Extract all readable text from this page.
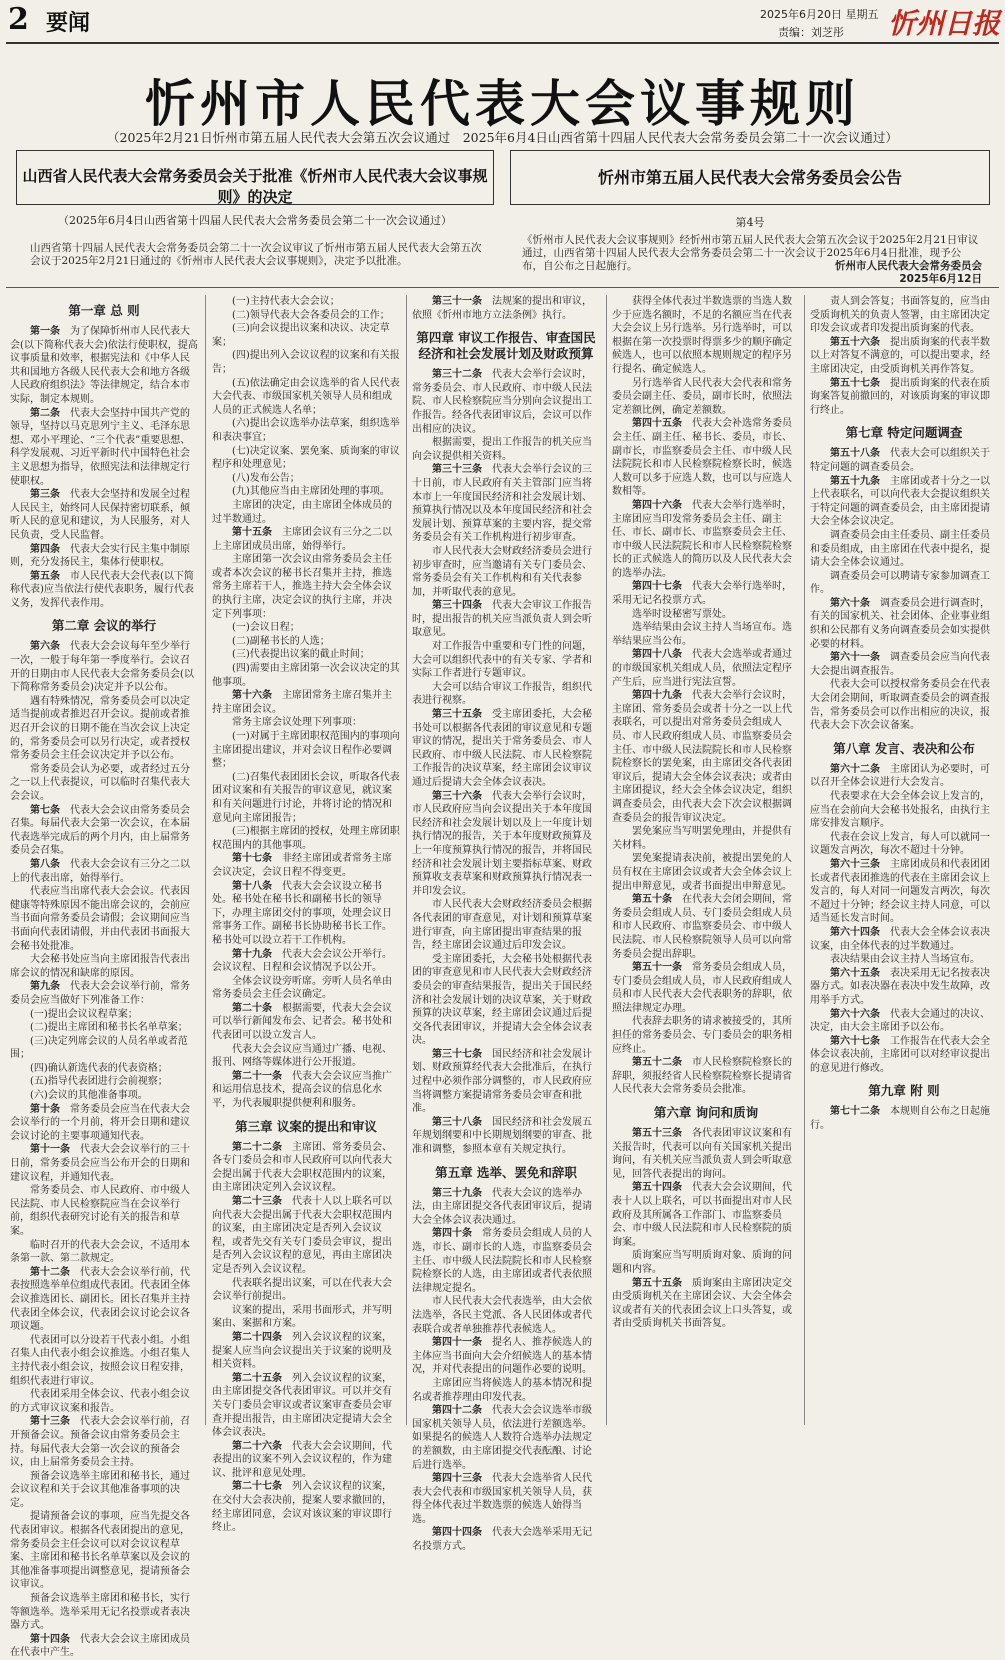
2 要闻	2025年6月20日 星期五
责编：刘芝彤 忻州日报
忻州市人民代表大会议事规则
（2025年2月21日忻州市第五届人民代表大会第五次会议通过　2025年6月4日山西省第十四届人民代表大会常务委员会第二十一次会议通过）
山西省人民代表大会常务委员会关于批准《忻州市人民代表大会议事规则》的决定
（2025年6月4日山西省第十四届人民代表大会常务委员会第二十一次会议通过）
山西省第十四届人民代表大会常务委员会第二十一次会议审议了忻州市第五届人民代表大会第五次会议于2025年2月21日通过的《忻州市人民代表大会议事规则》，决定予以批准。
忻州市第五届人民代表大会常务委员会公告
第4号
《忻州市人民代表大会议事规则》经忻州市第五届人民代表大会第五次会议于2025年2月21日审议通过，山西省第十四届人民代表大会常务委员会第二十一次会议于2025年6月4日批准，现予公布，自公布之日起施行。	忻州市人民代表大会常务委员会
2025年6月12日
第一章 总 则

第一条　 为了保障忻州市人民代表大会(以下简称代表大会)依法行使职权，提高议事质量和效率，根据宪法和《中华人民共和国地方各级人民代表大会和地方各级人民政府组织法》等法律规定，结合本市实际，制定本规则。

第二条　 代表大会坚持中国共产党的领导，坚持以马克思列宁主义、毛泽东思想、邓小平理论、“三个代表”重要思想、科学发展观、习近平新时代中国特色社会主义思想为指导，依照宪法和法律规定行使职权。

第三条　 代表大会坚持和发展全过程人民民主，始终同人民保持密切联系，倾听人民的意见和建议，为人民服务，对人民负责，受人民监督。

第四条　 代表大会实行民主集中制原则，充分发扬民主，集体行使职权。

第五条　 市人民代表大会代表(以下简称代表)应当依法行使代表职务，履行代表义务，发挥代表作用。

第二章 会议的举行

第六条　 代表大会会议每年至少举行一次，一般于每年第一季度举行。会议召开的日期由市人民代表大会常务委员会(以下简称常务委员会)决定并予以公布。

遇有特殊情况，常务委员会可以决定适当提前或者推迟召开会议。提前或者推迟召开会议的日期不能在当次会议上决定的，常务委员会可以另行决定，或者授权常务委员会主任会议决定并予以公布。

常务委员会认为必要，或者经过五分之一以上代表提议，可以临时召集代表大会会议。

第七条　 代表大会会议由常务委员会召集。每届代表大会第一次会议，在本届代表选举完成后的两个月内，由上届常务委员会召集。

第八条　 代表大会会议有三分之二以上的代表出席，始得举行。

代表应当出席代表大会会议。代表因健康等特殊原因不能出席会议的，会前应当书面向常务委员会请假；会议期间应当书面向代表团请假，并由代表团书面报大会秘书处批准。

大会秘书处应当向主席团报告代表出席会议的情况和缺席的原因。

第九条　 代表大会会议举行前，常务委员会应当做好下列准备工作：

(一)提出会议议程草案；

(二)提出主席团和秘书长名单草案；

(三)决定列席会议的人员名单或者范围；

(四)确认新选代表的代表资格；

(五)指导代表团进行会前视察；

(六)会议的其他准备事项。

第十条　 常务委员会应当在代表大会会议举行的一个月前，将开会日期和建议会议讨论的主要事项通知代表。

第十一条　 代表大会会议举行的三十日前，常务委员会应当公布开会的日期和建议议程，并通知代表。

常务委员会、市人民政府、市中级人民法院、市人民检察院应当在会议举行前，组织代表研究讨论有关的报告和草案。

临时召开的代表大会会议，不适用本条第一款、第二款规定。

第十二条　 代表大会会议举行前，代表按照选举单位组成代表团。代表团全体会议推选团长、副团长。团长召集并主持代表团全体会议，代表团会议讨论会议各项议题。

代表团可以分设若干代表小组。小组召集人由代表小组会议推选。小组召集人主持代表小组会议，按照会议日程安排，组织代表进行审议。

代表团采用全体会议、代表小组会议的方式审议议案和报告。

第十三条　 代表大会会议举行前，召开预备会议。预备会议由常务委员会主持。每届代表大会第一次会议的预备会议，由上届常务委员会主持。

预备会议选举主席团和秘书长，通过会议议程和关于会议其他准备事项的决定。

提请预备会议的事项，应当先提交各代表团审议。根据各代表团提出的意见，常务委员会主任会议可以对会议议程草案、主席团和秘书长名单草案以及会议的其他准备事项提出调整意见，提请预备会议审议。

预备会议选举主席团和秘书长，实行等额选举。选举采用无记名投票或者表决器方式。

第十四条　 代表大会会议主席团成员在代表中产生。

(一)主持代表大会会议；

(二)领导代表大会各委员会的工作；

(三)向会议提出议案和决议、决定草案；

(四)提出列入会议议程的议案和有关报告；

(五)依法确定由会议选举的省人民代表大会代表、市级国家机关领导人员和组成人员的正式候选人名单；

(六)提出会议选举办法草案，组织选举和表决事宜；

(七)决定议案、罢免案、质询案的审议程序和处理意见；

(八)发布公告；

(九)其他应当由主席团处理的事项。

主席团的决定，由主席团全体成员的过半数通过。

第十五条　 主席团会议有三分之二以上主席团成员出席，始得举行。

主席团第一次会议由常务委员会主任或者本次会议的秘书长召集并主持，推选常务主席若干人，推选主持大会全体会议的执行主席，决定会议的执行主席，并决定下列事项：

(一)会议日程；

(二)副秘书长的人选；

(三)代表提出议案的截止时间；

(四)需要由主席团第一次会议决定的其他事项。

第十六条　 主席团常务主席召集并主持主席团会议。

常务主席会议处理下列事项：

(一)对属于主席团职权范围内的事项向主席团提出建议，并对会议日程作必要调整；

(二)召集代表团团长会议，听取各代表团对议案和有关报告的审议意见，就议案和有关问题进行讨论，并将讨论的情况和意见向主席团报告；

(三)根据主席团的授权，处理主席团职权范围内的其他事项。

第十七条　 非经主席团或者常务主席会议决定，会议日程不得变更。

第十八条　 代表大会会议设立秘书处。秘书处在秘书长和副秘书长的领导下，办理主席团交付的事项，处理会议日常事务工作。副秘书长协助秘书长工作。秘书处可以设立若干工作机构。

第十九条　 代表大会会议公开举行。会议议程、日程和会议情况予以公开。

全体会议设旁听席。旁听人员名单由常务委员会主任会议确定。

第二十条　 根据需要，代表大会会议可以举行新闻发布会、记者会。秘书处和代表团可以设立发言人。

代表大会会议应当通过广播、电视、报刊、网络等媒体进行公开报道。

第二十一条　 代表大会会议应当推广和运用信息技术，提高会议的信息化水平，为代表履职提供便利和服务。

第三章 议案的提出和审议

第二十二条　 主席团、常务委员会、各专门委员会和市人民政府可以向代表大会提出属于代表大会职权范围内的议案，由主席团决定列入会议议程。

第二十三条　 代表十人以上联名可以向代表大会提出属于代表大会职权范围内的议案，由主席团决定是否列入会议议程，或者先交有关专门委员会审议，提出是否列入会议议程的意见，再由主席团决定是否列入会议议程。

代表联名提出议案，可以在代表大会会议举行前提出。

议案的提出，采用书面形式，并写明案由、案据和方案。

第二十四条　 列入会议议程的议案，提案人应当向会议提出关于议案的说明及相关资料。

第二十五条　 列入会议议程的议案，由主席团提交各代表团审议。可以并交有关专门委员会审议或者议案审查委员会审查并提出报告，由主席团决定提请大会全体会议表决。

第二十六条　 代表大会会议期间，代表提出的议案不列入会议议程的，作为建议、批评和意见处理。

第二十七条　 列入会议议程的议案，在交付大会表决前，提案人要求撤回的，经主席团同意，会议对该议案的审议即行终止。

第三十一条　 法规案的提出和审议，依照《忻州市地方立法条例》执行。

第四章 审议工作报告、审查国民经济和社会发展计划及财政预算

第三十二条　 代表大会举行会议时，常务委员会、市人民政府、市中级人民法院、市人民检察院应当分别向会议提出工作报告。经各代表团审议后，会议可以作出相应的决议。

根据需要，提出工作报告的机关应当向会议提供相关资料。

第三十三条　 代表大会举行会议的三十日前，市人民政府有关主管部门应当将本市上一年度国民经济和社会发展计划、预算执行情况以及本年度国民经济和社会发展计划、预算草案的主要内容，提交常务委员会有关工作机构进行初步审查。

市人民代表大会财政经济委员会进行初步审查时，应当邀请有关专门委员会、常务委员会有关工作机构和有关代表参加，并听取代表的意见。

第三十四条　 代表大会审议工作报告时，提出报告的机关应当派负责人到会听取意见。

对工作报告中重要和专门性的问题，大会可以组织代表中的有关专家、学者和实际工作者进行专题审议。

大会可以结合审议工作报告，组织代表进行视察。

第三十五条　 受主席团委托，大会秘书处可以根据各代表团的审议意见和专题审议的情况，提出关于常务委员会、市人民政府、市中级人民法院、市人民检察院工作报告的决议草案，经主席团会议审议通过后提请大会全体会议表决。

第三十六条　 代表大会举行会议时，市人民政府应当向会议提出关于本年度国民经济和社会发展计划以及上一年度计划执行情况的报告，关于本年度财政预算及上一年度预算执行情况的报告，并将国民经济和社会发展计划主要指标草案、财政预算收支表草案和财政预算执行情况表一并印发会议。

市人民代表大会财政经济委员会根据各代表团的审查意见，对计划和预算草案进行审查，向主席团提出审查结果的报告，经主席团会议通过后印发会议。

受主席团委托，大会秘书处根据代表团的审查意见和市人民代表大会财政经济委员会的审查结果报告，提出关于国民经济和社会发展计划的决议草案，关于财政预算的决议草案，经主席团会议通过后提交各代表团审议，并提请大会全体会议表决。

第三十七条　 国民经济和社会发展计划、财政预算经代表大会批准后，在执行过程中必须作部分调整的，市人民政府应当将调整方案提请常务委员会审查和批准。

第三十八条　 国民经济和社会发展五年规划纲要和中长期规划纲要的审查、批准和调整，参照本章有关规定执行。

第五章 选举、罢免和辞职

第三十九条　 代表大会议的选举办法，由主席团提交各代表团审议后，提请大会全体会议表决通过。

第四十条　 常务委员会组成人员的人选，市长、副市长的人选，市监察委员会主任、市中级人民法院院长和市人民检察院检察长的人选，由主席团或者代表依照法律规定提名。

市人民代表大会代表选举，由大会依法选举，各民主党派、各人民团体或者代表联合或者单独推荐代表候选人。

第四十一条　 提名人、推荐候选人的主体应当书面向大会介绍候选人的基本情况，并对代表提出的问题作必要的说明。

主席团应当将候选人的基本情况和提名或者推荐理由印发代表。

第四十二条　 代表大会会议选举市级国家机关领导人员，依法进行差额选举。如果提名的候选人人数符合选举办法规定的差额数，由主席团提交代表酝酿、讨论后进行选举。

第四十三条　 代表大会选举省人民代表大会代表和市级国家机关领导人员，获得全体代表过半数选票的候选人始得当选。

第四十四条　 代表大会选举采用无记名投票方式。

获得全体代表过半数选票的当选人数少于应选名额时，不足的名额应当在代表大会会议上另行选举。另行选举时，可以根据在第一次投票时得票多少的顺序确定候选人，也可以依照本规则规定的程序另行提名、确定候选人。

另行选举省人民代表大会代表和常务委员会副主任、委员，副市长时，依照法定差额比例，确定差额数。

第四十五条　 代表大会补选常务委员会主任、副主任、秘书长、委员，市长、副市长，市监察委员会主任、市中级人民法院院长和市人民检察院检察长时，候选人数可以多于应选人数，也可以与应选人数相等。

第四十六条　 代表大会举行选举时，主席团应当印发常务委员会主任、副主任、市长、副市长、市监察委员会主任、市中级人民法院院长和市人民检察院检察长的正式候选人的简历以及人民代表大会的选举办法。

第四十七条　 代表大会举行选举时，采用无记名投票方式。

选举时设秘密写票处。

选举结果由会议主持人当场宣布。选举结果应当公布。

第四十八条　 代表大会选举或者通过的市级国家机关组成人员，依照法定程序产生后，应当进行宪法宣誓。

第四十九条　 代表大会举行会议时，主席团、常务委员会或者十分之一以上代表联名，可以提出对常务委员会组成人员、市人民政府组成人员、市监察委员会主任、市中级人民法院院长和市人民检察院检察长的罢免案，由主席团交各代表团审议后，提请大会全体会议表决；或者由主席团提议，经大会全体会议决定，组织调查委员会，由代表大会下次会议根据调查委员会的报告审议决定。

罢免案应当写明罢免理由，并提供有关材料。

罢免案提请表决前，被提出罢免的人员有权在主席团会议或者大会全体会议上提出申辩意见，或者书面提出申辩意见。

第五十条　 在代表大会闭会期间，常务委员会组成人员、专门委员会组成人员和市人民政府、市监察委员会、市中级人民法院、市人民检察院领导人员可以向常务委员会提出辞职。

第五十一条　 常务委员会组成人员，专门委员会组成人员，市人民政府组成人员和市人民代表大会代表职务的辞职，依照法律规定办理。

代表辞去职务的请求被接受的，其所担任的常务委员会、专门委员会的职务相应终止。

第五十二条　 市人民检察院检察长的辞职，须报经省人民检察院检察长提请省人民代表大会常务委员会批准。

第六章 询问和质询

第五十三条　 各代表团审议议案和有关报告时，代表可以向有关国家机关提出询问，有关机关应当派负责人到会听取意见，回答代表提出的询问。

第五十四条　 代表大会会议期间，代表十人以上联名，可以书面提出对市人民政府及其所属各工作部门、市监察委员会、市中级人民法院和市人民检察院的质询案。

质询案应当写明质询对象、质询的问题和内容。

第五十五条　 质询案由主席团决定交由受质询机关在主席团会议、大会全体会议或者有关的代表团会议上口头答复，或者由受质询机关书面答复。

责人到会答复；书面答复的，应当由受质询机关的负责人签署，由主席团决定印发会议或者印发提出质询案的代表。

第五十六条　 提出质询案的代表半数以上对答复不满意的，可以提出要求，经主席团决定，由受质询机关再作答复。

第五十七条　 提出质询案的代表在质询案答复前撤回的，对该质询案的审议即行终止。

第七章 特定问题调查

第五十八条　 代表大会可以组织关于特定问题的调查委员会。

第五十九条　 主席团或者十分之一以上代表联名，可以向代表大会提议组织关于特定问题的调查委员会，由主席团提请大会全体会议决定。

调查委员会由主任委员、副主任委员和委员组成，由主席团在代表中提名，提请大会全体会议通过。

调查委员会可以聘请专家参加调查工作。

第六十条　 调查委员会进行调查时，有关的国家机关、社会团体、企业事业组织和公民都有义务向调查委员会如实提供必要的材料。

第六十一条　 调查委员会应当向代表大会提出调查报告。

代表大会可以授权常务委员会在代表大会闭会期间，听取调查委员会的调查报告，常务委员会可以作出相应的决议，报代表大会下次会议备案。

第八章 发言、表决和公布

第六十二条　 主席团认为必要时，可以召开全体会议进行大会发言。

代表要求在大会全体会议上发言的，应当在会前向大会秘书处报名，由执行主席安排发言顺序。

代表在会议上发言，每人可以就同一议题发言两次，每次不超过十分钟。

第六十三条　 主席团成员和代表团团长或者代表团推选的代表在主席团会议上发言的，每人对同一问题发言两次，每次不超过十分钟；经会议主持人同意，可以适当延长发言时间。

第六十四条　 代表大会全体会议表决议案，由全体代表的过半数通过。

表决结果由会议主持人当场宣布。

第六十五条　 表决采用无记名按表决器方式。如表决器在表决中发生故障，改用举手方式。

第六十六条　 代表大会通过的决议、决定，由大会主席团予以公布。

第六十七条　 工作报告在代表大会全体会议表决前，主席团可以对经审议提出的意见进行修改。

第九章 附 则

第七十二条　 本规则自公布之日起施行。
